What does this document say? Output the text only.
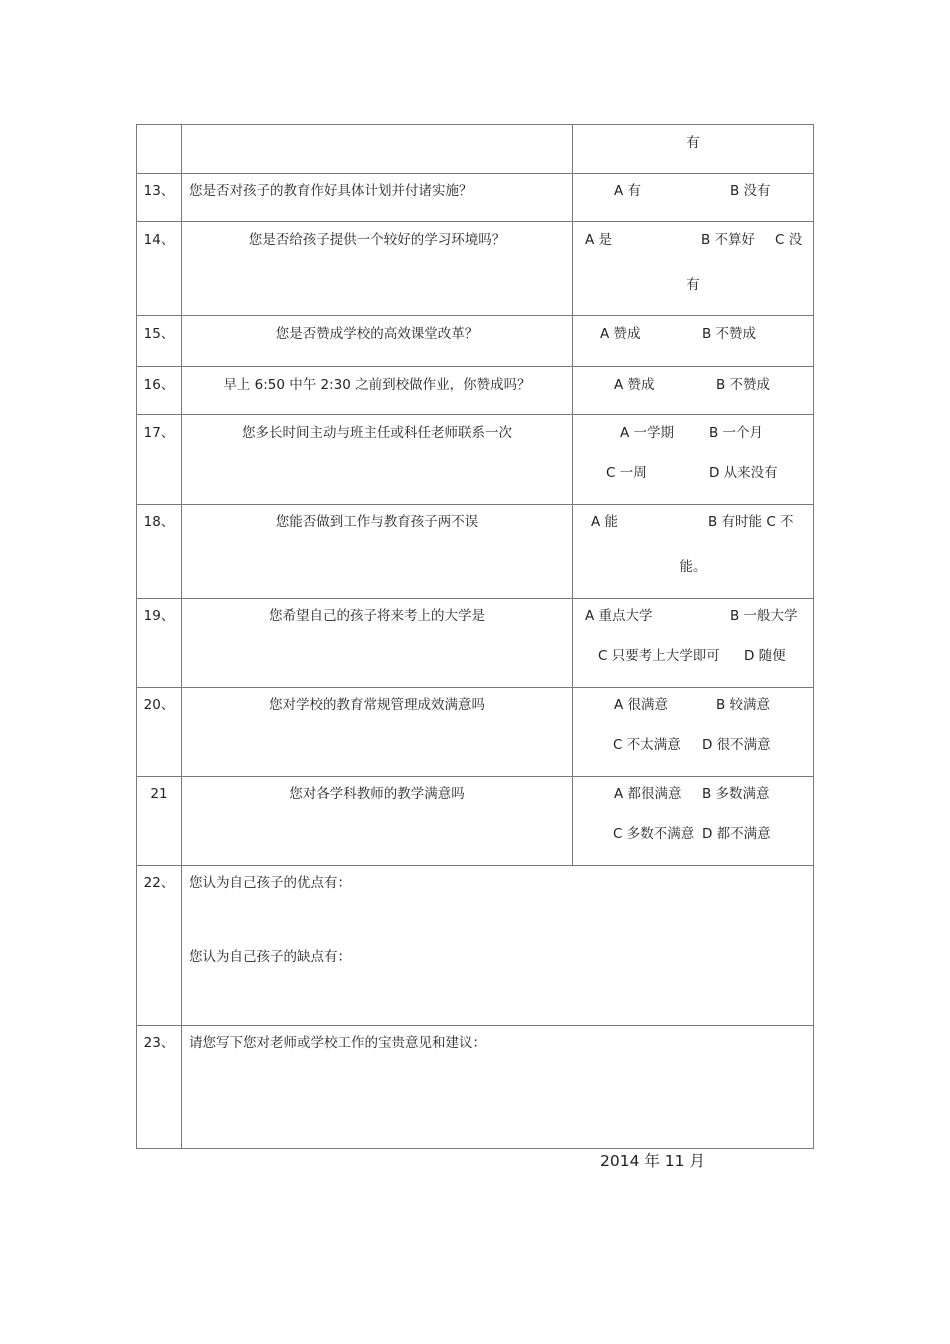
有
13、	您是否对孩子的教育作好具体计划并付诸实施？	A 有	B 没有
14、	您是否给孩子提供一个较好的学习环境吗？	A 是	B 不算好 C 没
有
15、	您是否赞成学校的高效课堂改革？	A 赞成	B 不赞成
16、	早上 6:50 中午 2:30 之前到校做作业，你赞成吗？	A 赞成	B 不赞成
17、	您多长时间主动与班主任或科任老师联系一次	A 一学期	B 一个月
C 一周	D 从来没有
18、	您能否做到工作与教育孩子两不误	A 能	B 有时能 C 不
能。
19、	您希望自己的孩子将来考上的大学是	A 重点大学	B 一般大学
C 只要考上大学即可 D 随便
20、	您对学校的教育常规管理成效满意吗	A 很满意	B 较满意
C 不太满意 D 很不满意
21	您对各学科教师的教学满意吗	A 都很满意 B 多数满意
C 多数不满意 D 都不满意
22、	您认为自己孩子的优点有：
您认为自己孩子的缺点有：
23、	请您写下您对老师或学校工作的宝贵意见和建议：
2014 年 11 月
